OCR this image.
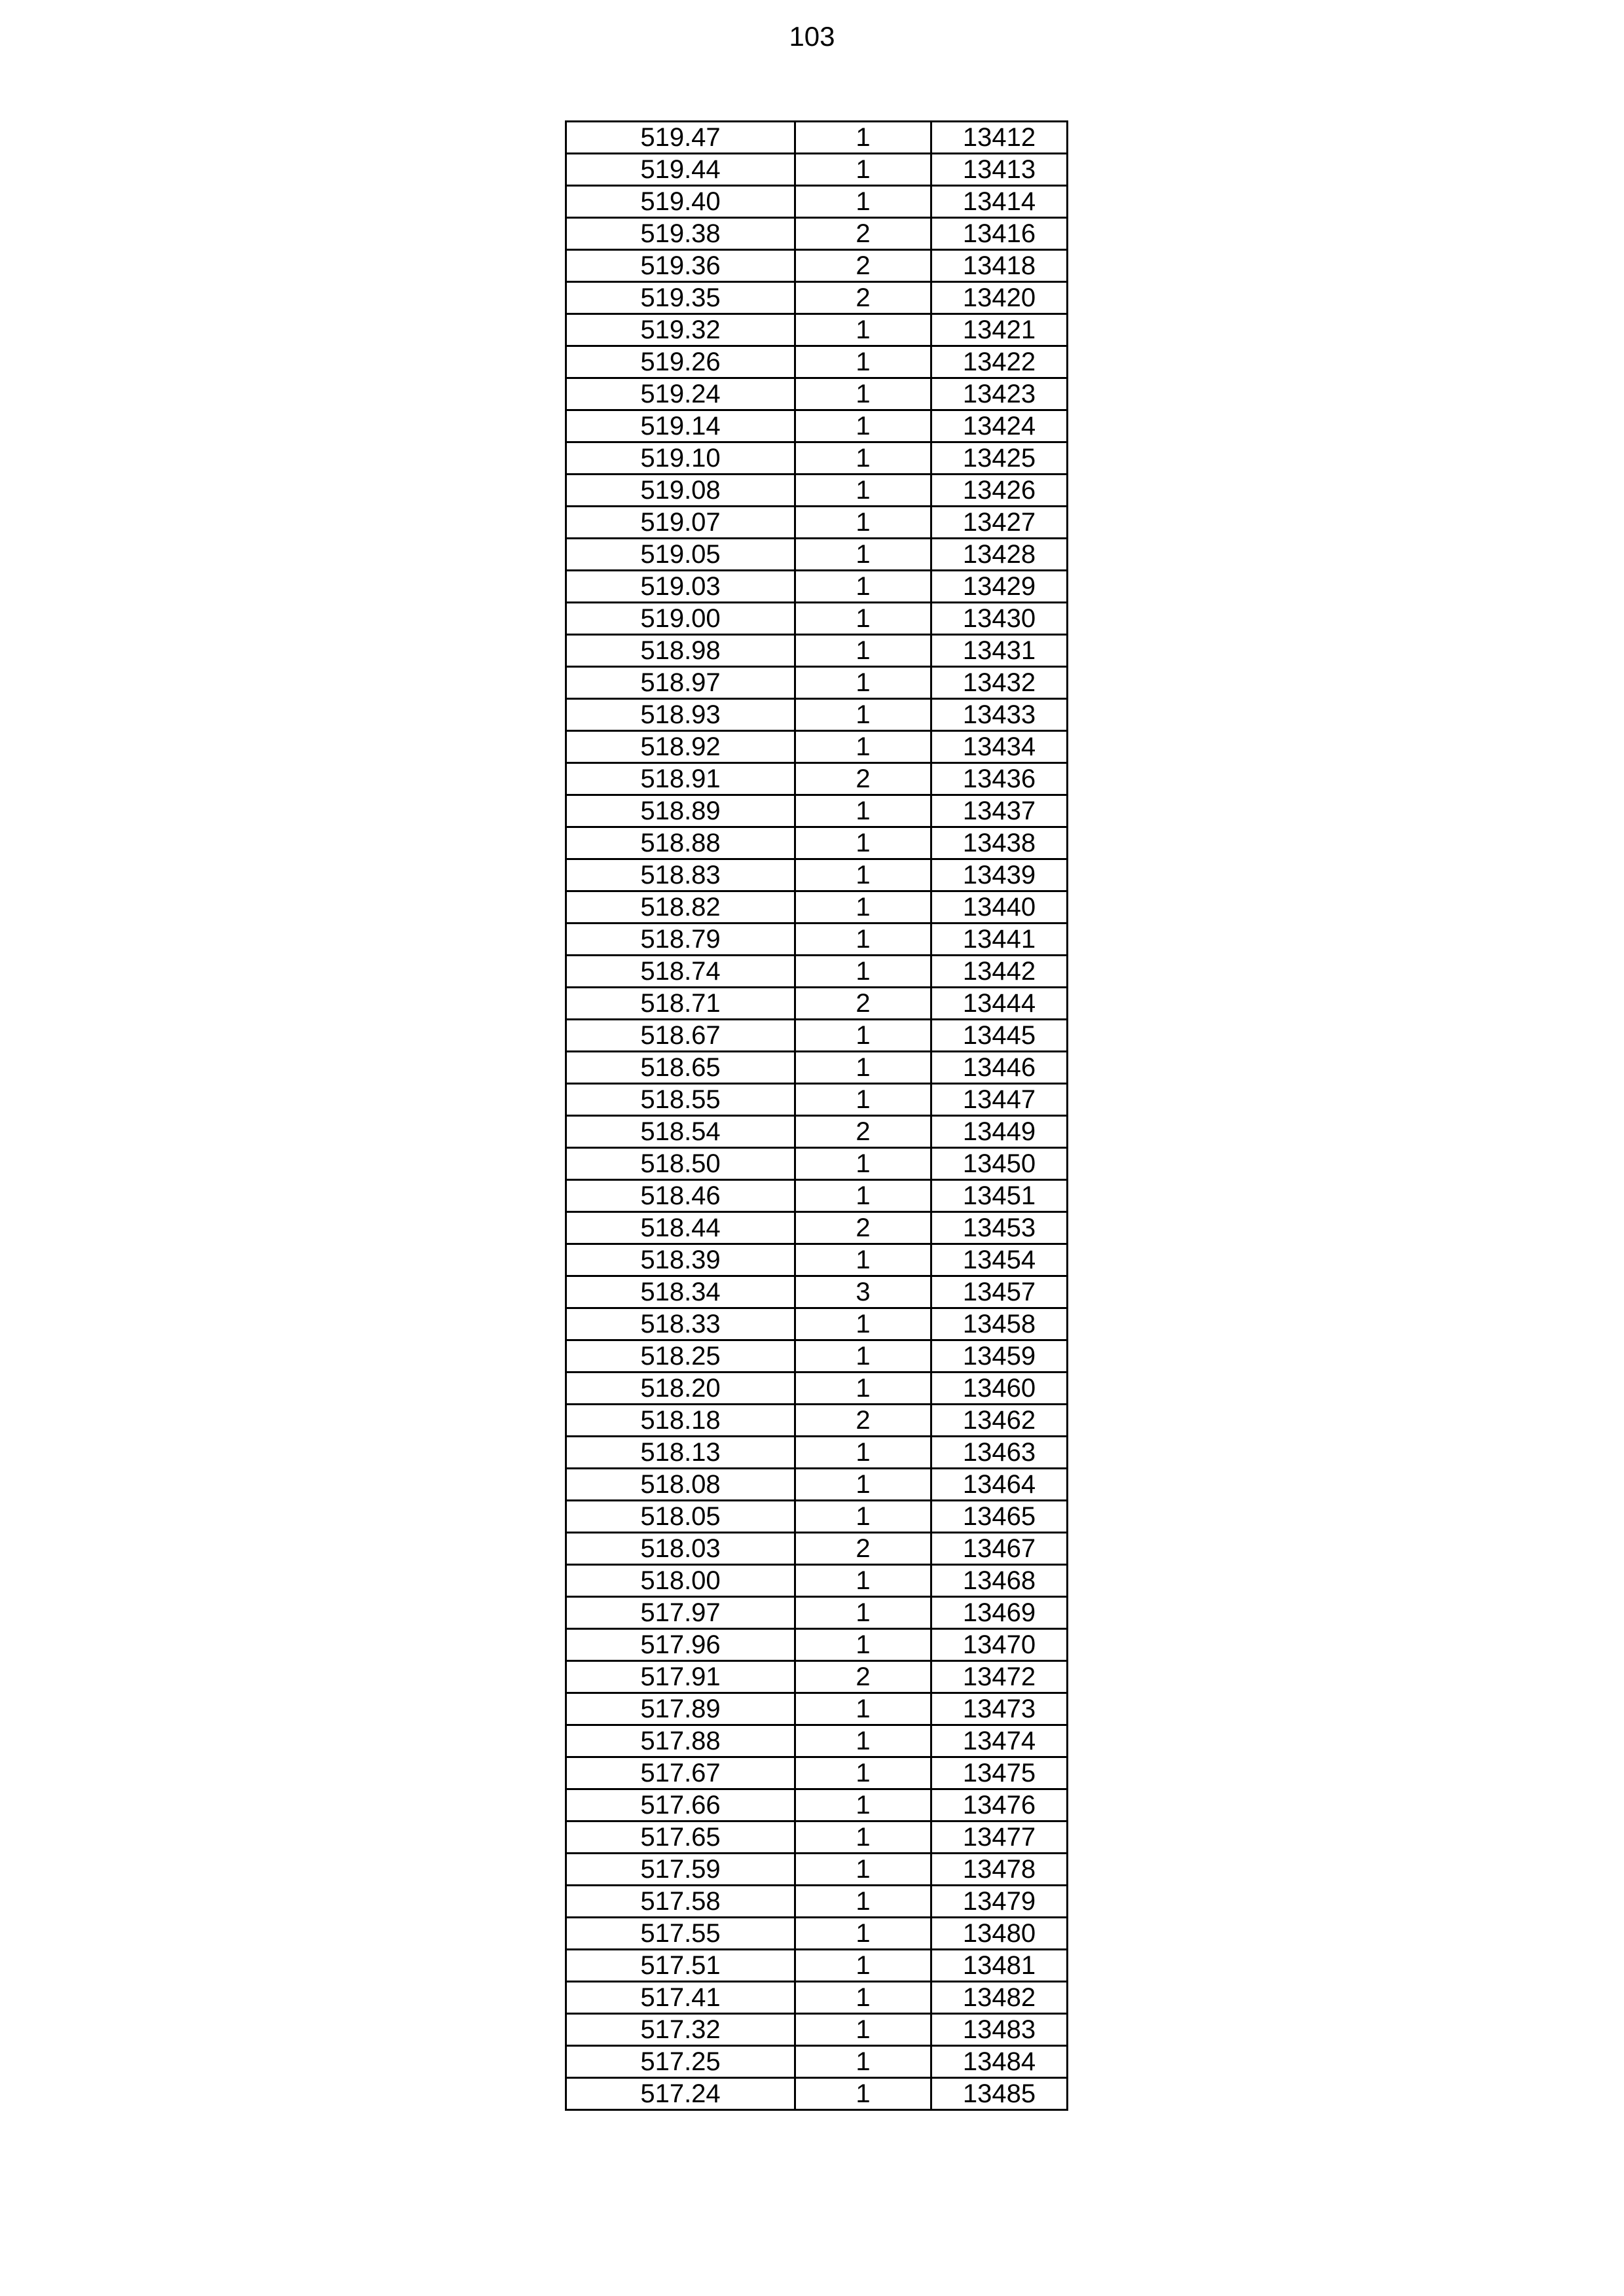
103
519.47	1	13412
519.44	1	13413
519.40	1	13414
519.38	2	13416
519.36	2	13418
519.35	2	13420
519.32	1	13421
519.26	1	13422
519.24	1	13423
519.14	1	13424
519.10	1	13425
519.08	1	13426
519.07	1	13427
519.05	1	13428
519.03	1	13429
519.00	1	13430
518.98	1	13431
518.97	1	13432
518.93	1	13433
518.92	1	13434
518.91	2	13436
518.89	1	13437
518.88	1	13438
518.83	1	13439
518.82	1	13440
518.79	1	13441
518.74	1	13442
518.71	2	13444
518.67	1	13445
518.65	1	13446
518.55	1	13447
518.54	2	13449
518.50	1	13450
518.46	1	13451
518.44	2	13453
518.39	1	13454
518.34	3	13457
518.33	1	13458
518.25	1	13459
518.20	1	13460
518.18	2	13462
518.13	1	13463
518.08	1	13464
518.05	1	13465
518.03	2	13467
518.00	1	13468
517.97	1	13469
517.96	1	13470
517.91	2	13472
517.89	1	13473
517.88	1	13474
517.67	1	13475
517.66	1	13476
517.65	1	13477
517.59	1	13478
517.58	1	13479
517.55	1	13480
517.51	1	13481
517.41	1	13482
517.32	1	13483
517.25	1	13484
517.24	1	13485
